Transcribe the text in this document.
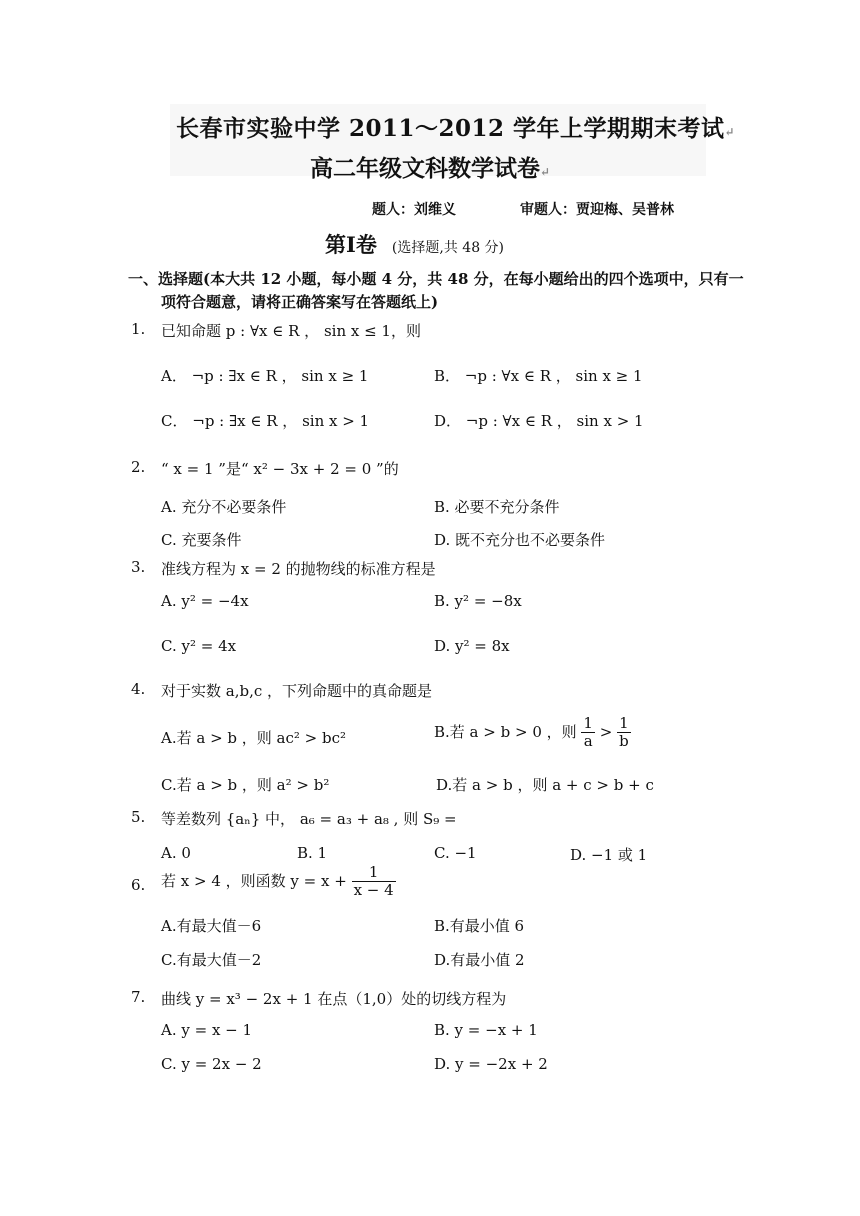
长春市实验中学 2011～2012 学年上学期期末考试↵
高二年级文科数学试卷↵
题人：刘维义	审题人：贾迎梅、吴普林
第Ⅰ卷 (选择题,共 48 分)
一、选择题(本大共 12 小题，每小题 4 分，共 48 分，在每小题给出的四个选项中，只有一
项符合题意，请将正确答案写在答题纸上)
1. 已知命题 p : ∀x ∈ R ， sin x ≤ 1，则
A． ¬p : ∃x ∈ R ， sin x ≥ 1	B． ¬p : ∀x ∈ R ， sin x ≥ 1
C． ¬p : ∃x ∈ R ， sin x > 1	D． ¬p : ∀x ∈ R ， sin x > 1
2. “ x = 1 ”是“ x² − 3x + 2 = 0 ”的
A. 充分不必要条件	B. 必要不充分条件
C. 充要条件	D. 既不充分也不必要条件
3. 准线方程为 x = 2 的抛物线的标准方程是
A. y² = −4x	B. y² = −8x
C. y² = 4x	D. y² = 8x
4. 对于实数 a,b,c ，下列命题中的真命题是
A.若 a > b ，则 ac² > bc²	B.若 a > b > 0 ，则 $\frac{1}{a} > \frac{1}{b}$
C.若 a > b ，则 a² > b²	D.若 a > b ，则 a + c > b + c
5. 等差数列 {aₙ} 中， a₆ = a₃ + a₈ , 则 S₉ =
A. 0	B. 1	C. −1	D. −1 或 1
6. 若 x > 4 ，则函数 $y = x + \frac{1}{x - 4}$
A.有最大值－6	B.有最小值 6
C.有最大值－2	D.有最小值 2
7. 曲线 y = x³ − 2x + 1 在点（1,0）处的切线方程为
A. y = x − 1	B. y = −x + 1
C. y = 2x − 2	D. y = −2x + 2
